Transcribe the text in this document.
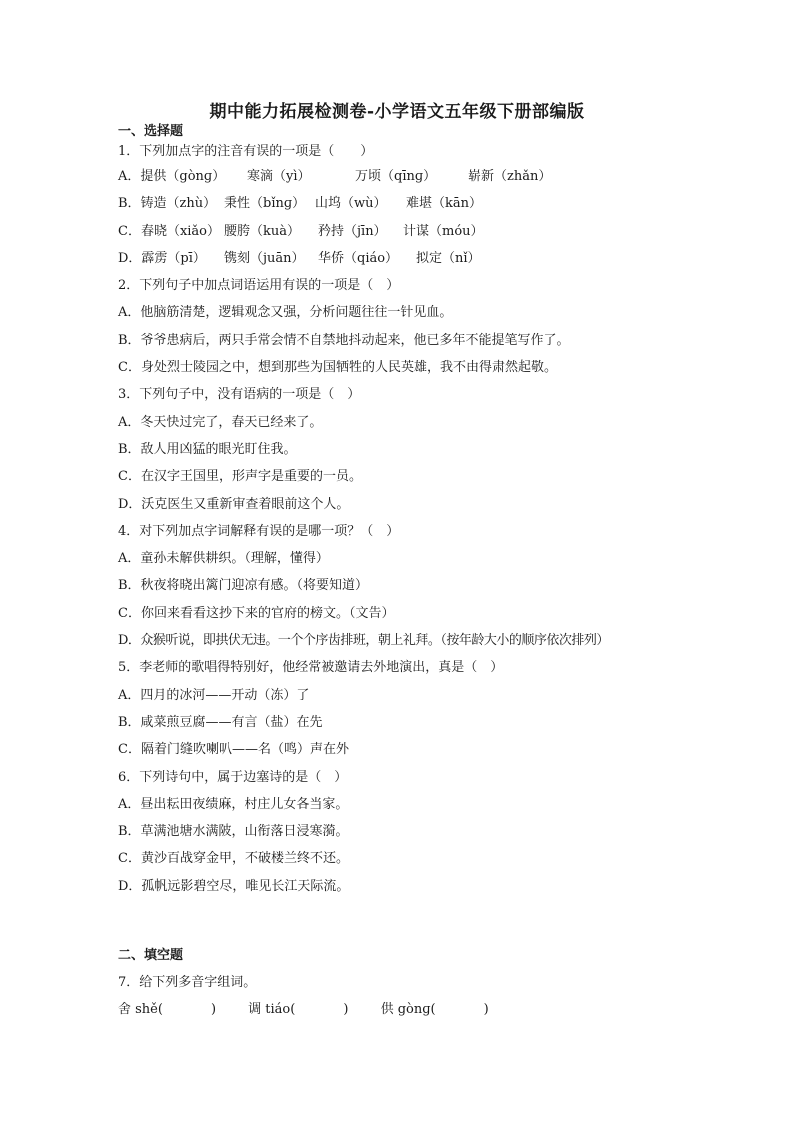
期中能力拓展检测卷-小学语文五年级下册部编版
一、选择题
1．下列加点字的注音有误的一项是（　　）
A．提供（gònɡ） 寒滴（yì）	万顷（qīnɡ） 崭新（zhǎn）
B．铸造（zhù） 秉性（bǐnɡ） 山坞（wù） 难堪（kān）
C．春晓（xiǎo） 腰胯（kuà） 矜持（jīn） 计谋（móu）
D．霹雳（pī） 镌刻（juān） 华侨（qiáo） 拟定（nǐ）
2．下列句子中加点词语运用有误的一项是（　）
A．他脑筋清楚，逻辑观念又强，分析问题往往一针见血。
B．爷爷患病后，两只手常会情不自禁地抖动起来，他已多年不能提笔写作了。
C．身处烈士陵园之中，想到那些为国牺牲的人民英雄，我不由得肃然起敬。
3．下列句子中，没有语病的一项是（　）
A．冬天快过完了，春天已经来了。
B．敌人用凶猛的眼光盯住我。
C．在汉字王国里，形声字是重要的一员。
D．沃克医生又重新审查着眼前这个人。
4．对下列加点字词解释有误的是哪一项？（　）
A．童孙未解供耕织。（理解，懂得）
B．秋夜将晓出篱门迎凉有感。（将要知道）
C．你回来看看这抄下来的官府的榜文。（文告）
D．众猴听说，即拱伏无违。一个个序齿排班，朝上礼拜。（按年龄大小的顺序依次排列）
5．李老师的歌唱得特别好，他经常被邀请去外地演出，真是（　）
A．四月的冰河——开动（冻）了
B．咸菜煎豆腐——有言（盐）在先
C．隔着门缝吹喇叭——名（鸣）声在外
6．下列诗句中，属于边塞诗的是（　）
A．昼出耘田夜绩麻，村庄儿女各当家。
B．草满池塘水满陂，山衔落日浸寒漪。
C．黄沙百战穿金甲，不破楼兰终不还。
D．孤帆远影碧空尽，唯见长江天际流。
二、填空题
7．给下列多音字组词。
舍 shě(	) 调 tiáo(	) 供 gònɡ(	)
